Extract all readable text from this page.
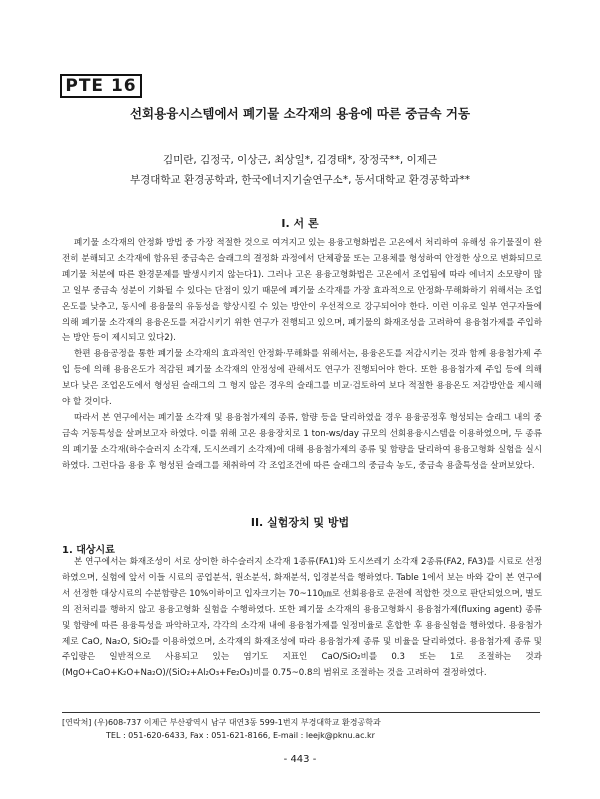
PTE 16
선회용융시스템에서 폐기물 소각재의 용융에 따른 중금속 거동
김미란, 김정국, 이상근, 최상일*, 김경태*, 장정국**, 이제근
부경대학교 환경공학과, 한국에너지기술연구소*, 동서대학교 환경공학과**
I. 서 론

폐기물 소각재의 안정화 방법 중 가장 적절한 것으로 여겨지고 있는 용융고형화법은 고온에서 처리하여 유해성 유기물질이 완전히 분해되고 소각재에 함유된 중금속은 슬래그의 결정화 과정에서 단체광물 또는 고용체를 형성하여 안정한 상으로 변화되므로 폐기물 처분에 따른 환경문제를 발생시키지 않는다1). 그러나 고온 용융고형화법은 고온에서 조업됨에 따라 에너지 소모량이 많고 일부 중금속 성분이 기화될 수 있다는 단점이 있기 때문에 폐기물 소각재를 가장 효과적으로 안정화·무해화하기 위해서는 조업온도를 낮추고, 동시에 용융물의 유동성을 향상시킬 수 있는 방안이 우선적으로 강구되어야 한다. 이런 이유로 일부 연구자들에 의해 폐기물 소각재의 용융온도를 저감시키기 위한 연구가 진행되고 있으며, 폐기물의 화재조성을 고려하여 용융첨가제를 주입하는 방안 등이 제시되고 있다2).

한편 용융공정을 통한 폐기물 소각재의 효과적인 안정화·무해화를 위해서는, 용융온도를 저감시키는 것과 함께 용융첨가제 주입 등에 의해 용융온도가 적감된 폐기물 소각재의 안정성에 관해서도 연구가 진행되어야 한다. 또한 용융첨가제 주입 등에 의해 보다 낮은 조업온도에서 형성된 슬래그의 그 형지 않은 경우의 슬래그를 비교·검토하여 보다 적절한 용융온도 저감방안을 제시해야 할 것이다.

따라서 본 연구에서는 폐기물 소각재 및 용융첨가제의 종류, 함량 등을 달리하였을 경우 용융공정후 형성되는 슬래그 내의 중금속 거동특성을 살펴보고자 하였다. 이를 위해 고온 용융장치로 1 ton-ws/day 규모의 선회용융시스템을 이용하였으며, 두 종류의 폐기물 소각재(하수슬러지 소각재, 도시쓰레기 소각재)에 대해 용융첨가제의 종류 및 함량을 달리하여 용융고형화 실험을 실시하였다. 그런다음 용융 후 형성된 슬래그를 채취하여 각 조업조건에 따른 슬래그의 중금속 농도, 중금속 용출특성을 살펴보았다.

II. 실험장치 및 방법
1. 대상시료

본 연구에서는 화재조성이 서로 상이한 하수슬러지 소각재 1종류(FA1)와 도시쓰레기 소각재 2종류(FA2, FA3)를 시료로 선정하였으며, 실험에 앞서 이들 시료의 공업분석, 원소분석, 화재분석, 입경분석을 행하였다. Table 1에서 보는 바와 같이 본 연구에서 선정한 대상시료의 수분함량은 10%이하이고 입자크기는 70~110㎛로 선회용융로 운전에 적합한 것으로 판단되었으며, 별도의 전처리를 행하지 않고 용융고형화 실험을 수행하였다. 또한 폐기물 소각재의 용융고형화시 용융첨가제(fluxing agent) 종류 및 함량에 따른 용융특성을 파악하고자, 각각의 소각재 내에 용융첨가제를 일정비율로 혼합한 후 용융실험을 행하였다. 용융첨가제로 CaO, Na₂O, SiO₂를 이용하였으며, 소각재의 화재조성에 따라 용융첨가제 종류 및 비율을 달리하였다. 용융첨가제 종류 및 주입량은 일반적으로 사용되고 있는 염기도 지표인 CaO/SiO₂비를 0.3 또는 1로 조절하는 것과 (MgO+CaO+K₂O+Na₂O)/(SiO₂+Al₂O₃+Fe₂O₃)비를 0.75~0.8의 범위로 조절하는 것을 고려하여 결정하였다.

[연락처] (우)608-737 이제근 부산광역시 남구 대연3동 599-1번지 부경대학교 환경공학과
TEL : 051-620-6433, Fax : 051-621-8166, E-mail : leejk@pknu.ac.kr
- 443 -
